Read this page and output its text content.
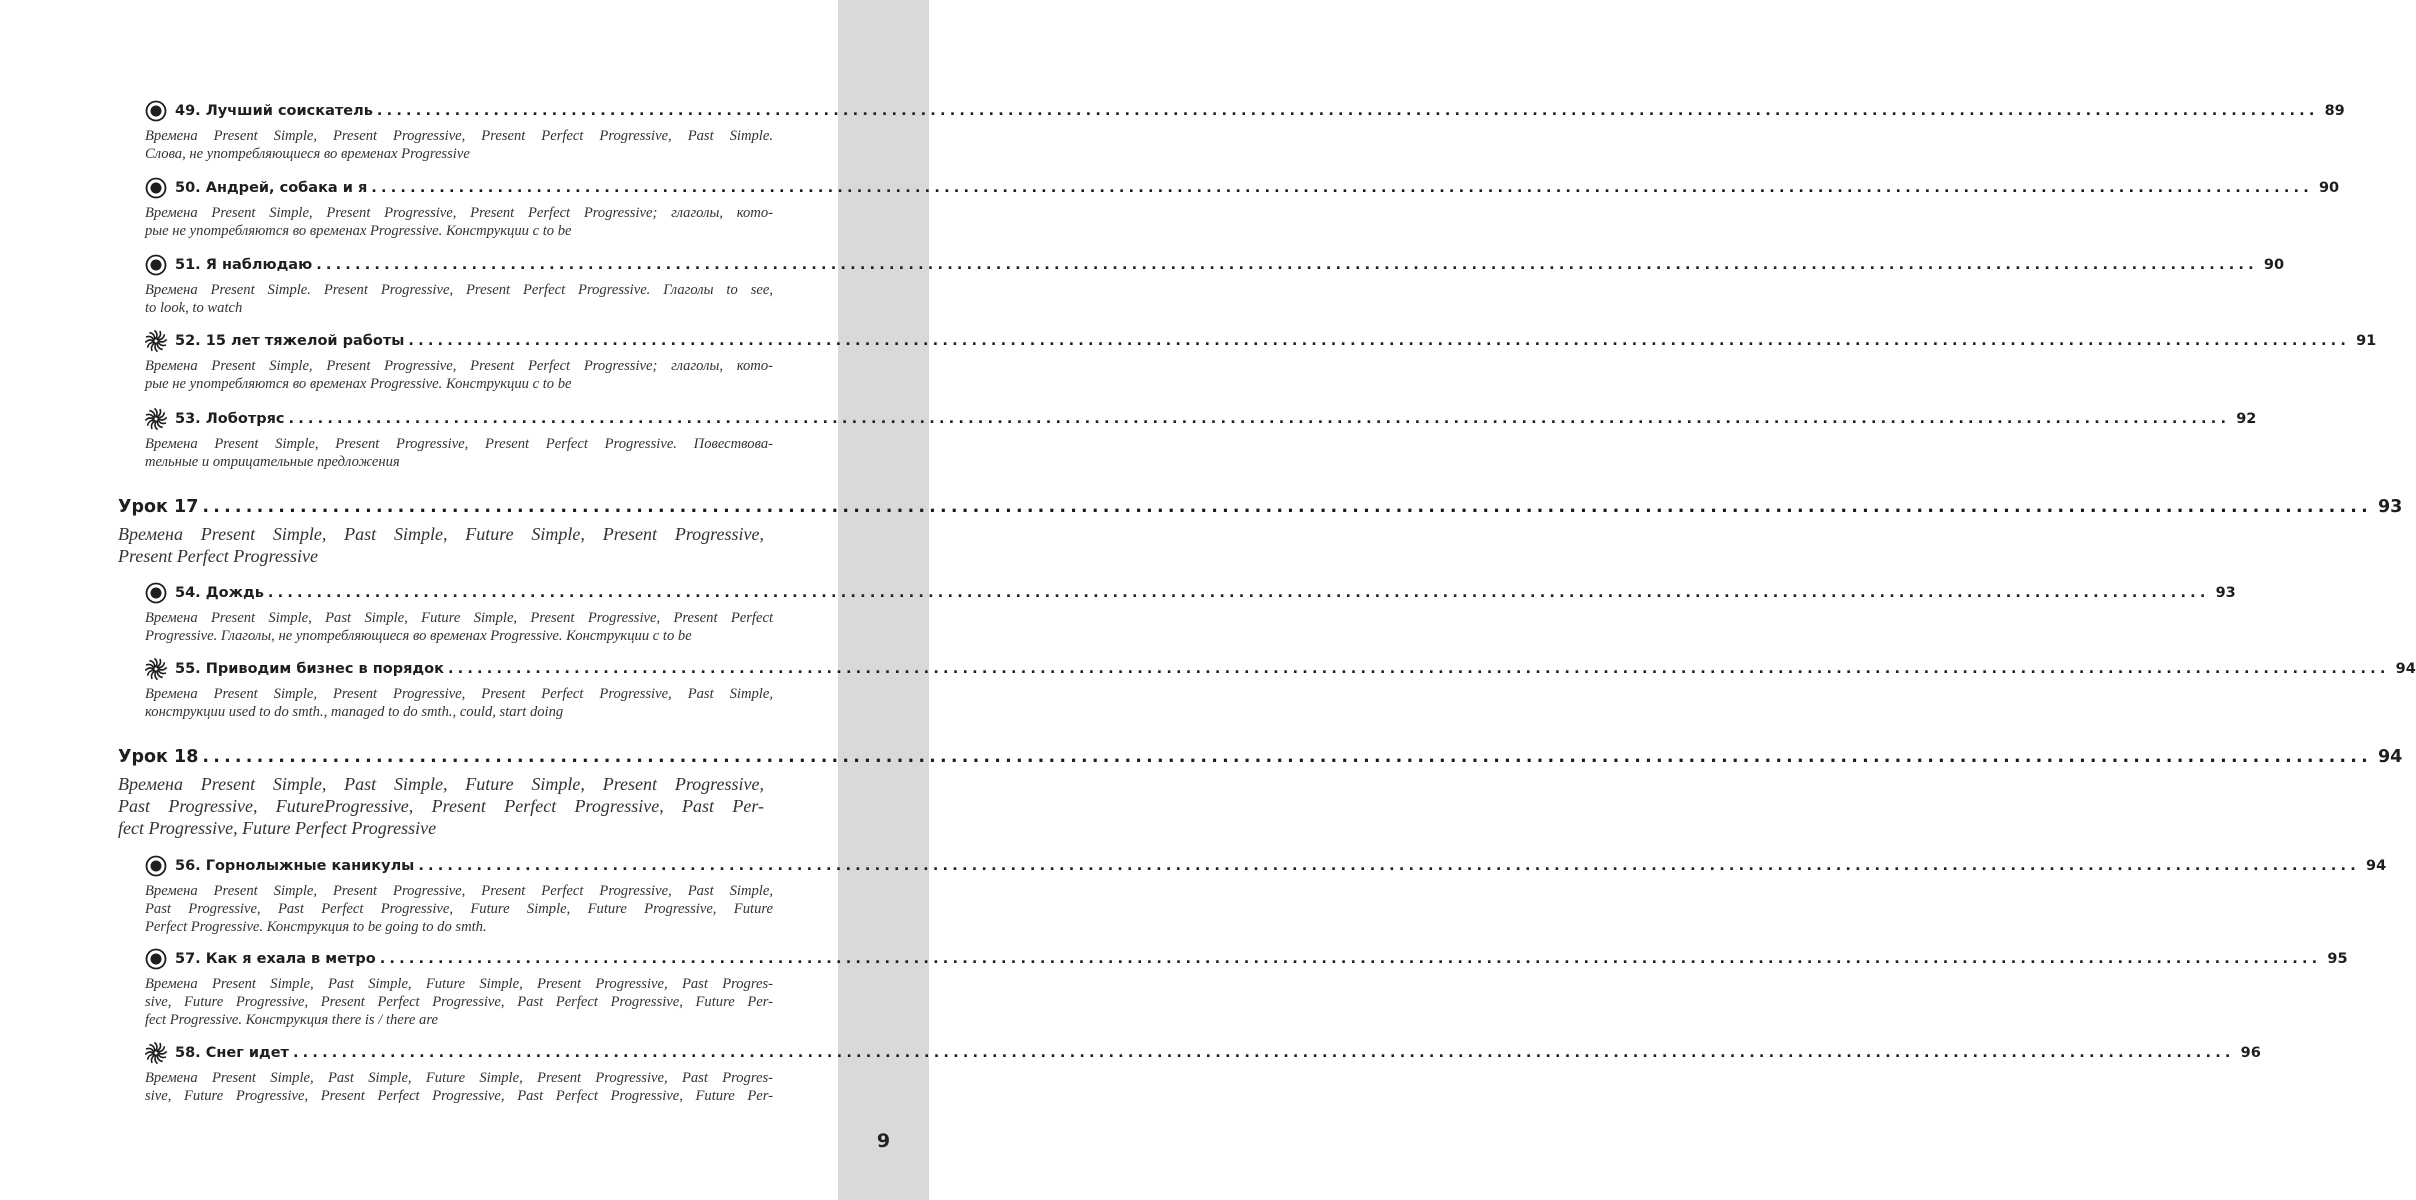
9
49. Лучший соискатель ........................................................................................................................................................................................................ 89
Времена Present Simple, Present Progressive, Present Perfect Progressive, Past Simple.
Слова, не употребляющиеся во временах Progressive
50. Андрей, собака и я ........................................................................................................................................................................................................ 90
Времена Present Simple, Present Progressive, Present Perfect Progressive; глаголы, кото-
рые не употребляются во временах Progressive. Конструкции с to be
51. Я наблюдаю ........................................................................................................................................................................................................ 90
Времена Present Simple. Present Progressive, Present Perfect Progressive. Глаголы to see,
to look, to watch
52. 15 лет тяжелой работы ........................................................................................................................................................................................................ 91
Времена Present Simple, Present Progressive, Present Perfect Progressive; глаголы, кото-
рые не употребляются во временах Progressive. Конструкции с to be
53. Лоботряс ........................................................................................................................................................................................................ 92
Времена Present Simple, Present Progressive, Present Perfect Progressive. Повествова-
тельные и отрицательные предложения
Урок 17 ........................................................................................................................................................................................................ 93
Времена Present Simple, Past Simple, Future Simple, Present Progressive,
Present Perfect Progressive
54. Дождь ........................................................................................................................................................................................................ 93
Времена Present Simple, Past Simple, Future Simple, Present Progressive, Present Perfect
Progressive. Глаголы, не употребляющиеся во временах Progressive. Конструкции с to be
55. Приводим бизнес в порядок ........................................................................................................................................................................................................ 94
Времена Present Simple, Present Progressive, Present Perfect Progressive, Past Simple,
конструкции used to do smth., managed to do smth., could, start doing
Урок 18 ........................................................................................................................................................................................................ 94
Времена Present Simple, Past Simple, Future Simple, Present Progressive,
Past Progressive, FutureProgressive, Present Perfect Progressive, Past Per-
fect Progressive, Future Perfect Progressive
56. Горнолыжные каникулы ........................................................................................................................................................................................................ 94
Времена Present Simple, Present Progressive, Present Perfect Progressive, Past Simple,
Past Progressive, Past Perfect Progressive, Future Simple, Future Progressive, Future
Perfect Progressive. Конструкция to be going to do smth.
57. Как я ехала в метро ........................................................................................................................................................................................................ 95
Времена Present Simple, Past Simple, Future Simple, Present Progressive, Past Progres-
sive, Future Progressive, Present Perfect Progressive, Past Perfect Progressive, Future Per-
fect Progressive. Конструкция there is / there are
58. Снег идет ........................................................................................................................................................................................................ 96
Времена Present Simple, Past Simple, Future Simple, Present Progressive, Past Progres-
sive, Future Progressive, Present Perfect Progressive, Past Perfect Progressive, Future Per-
